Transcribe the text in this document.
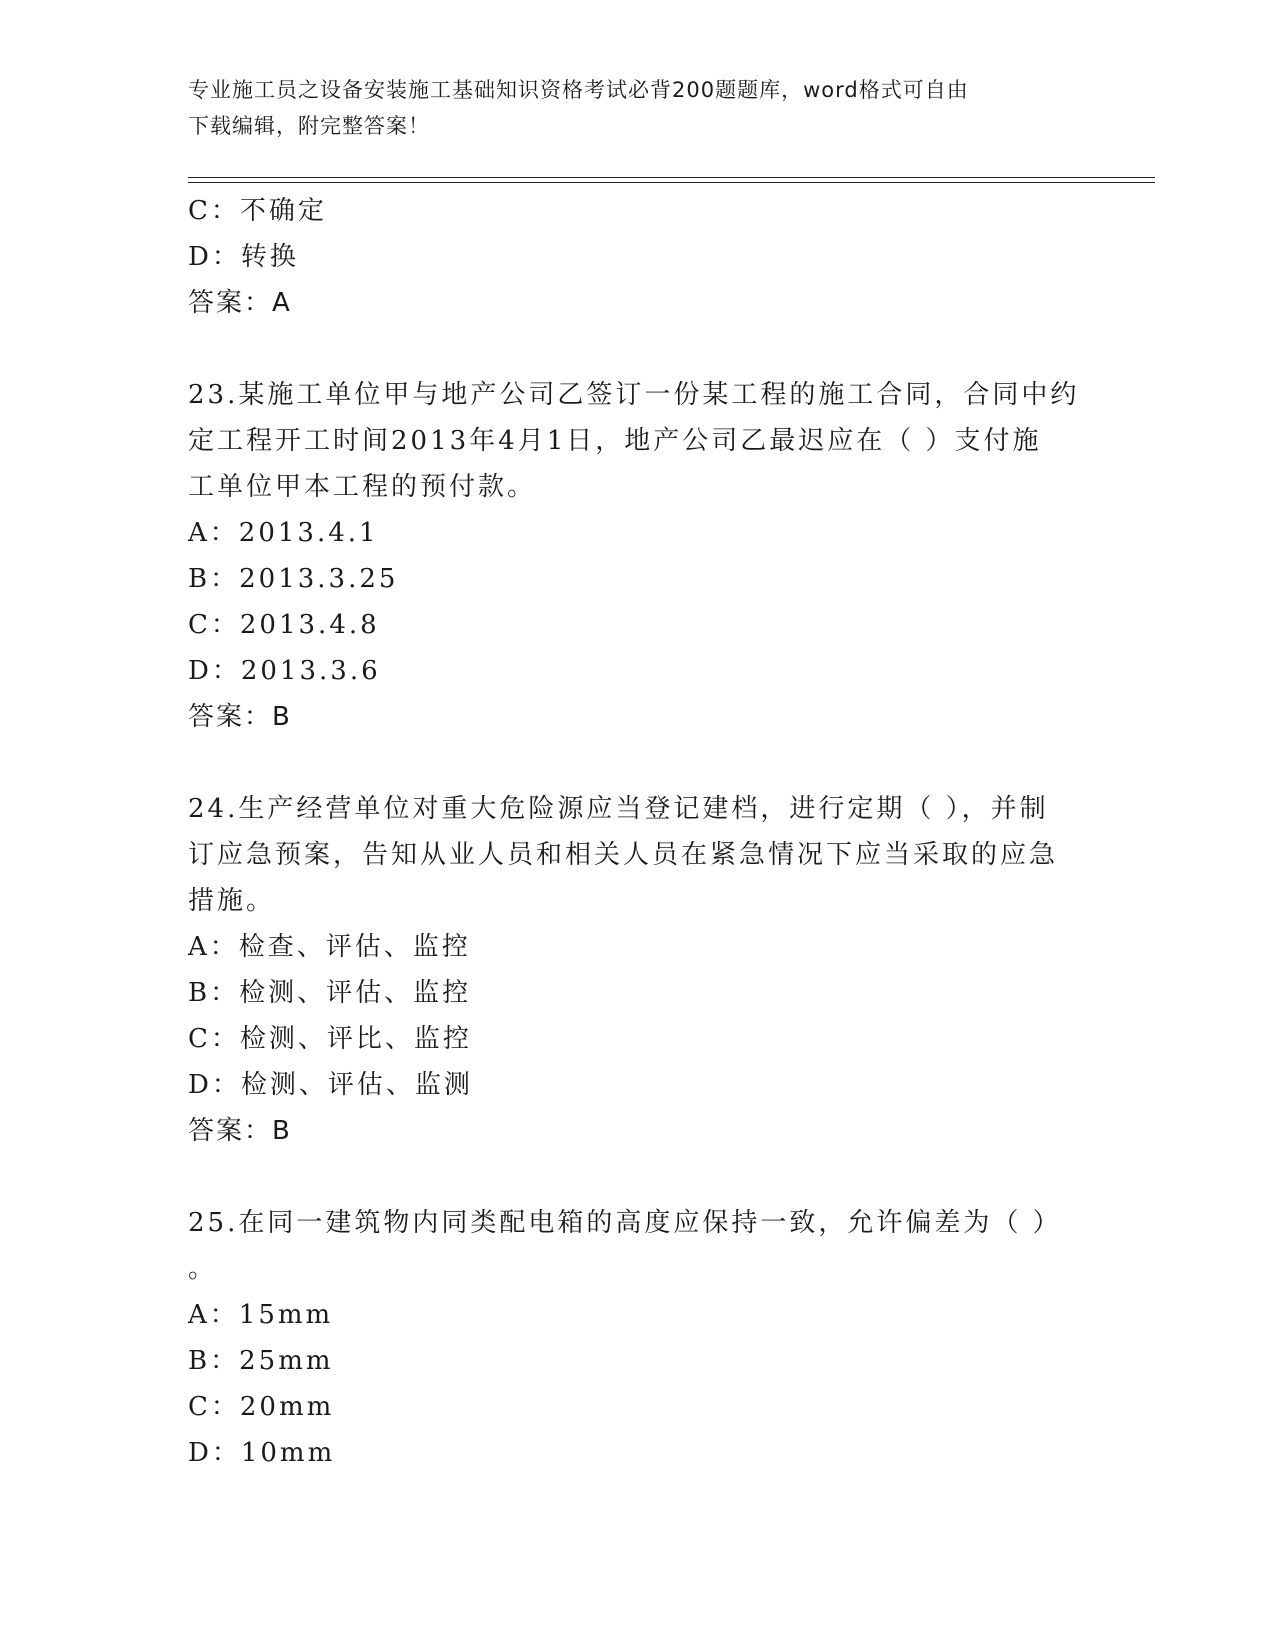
专业施工员之设备安装施工基础知识资格考试必背200题题库，word格式可自由
下载编辑，附完整答案！
C：不确定
D：转换
答案：A
23.某施工单位甲与地产公司乙签订一份某工程的施工合同，合同中约
定工程开工时间2013年4月1日，地产公司乙最迟应在（ ）支付施
工单位甲本工程的预付款。
A：2013.4.1
B：2013.3.25
C：2013.4.8
D：2013.3.6
答案：B
24.生产经营单位对重大危险源应当登记建档，进行定期（ ），并制
订应急预案，告知从业人员和相关人员在紧急情况下应当采取的应急
措施。
A：检查、评估、监控
B：检测、评估、监控
C：检测、评比、监控
D：检测、评估、监测
答案：B
25.在同一建筑物内同类配电箱的高度应保持一致，允许偏差为（ ）
。
A：15mm
B：25mm
C：20mm
D：10mm
